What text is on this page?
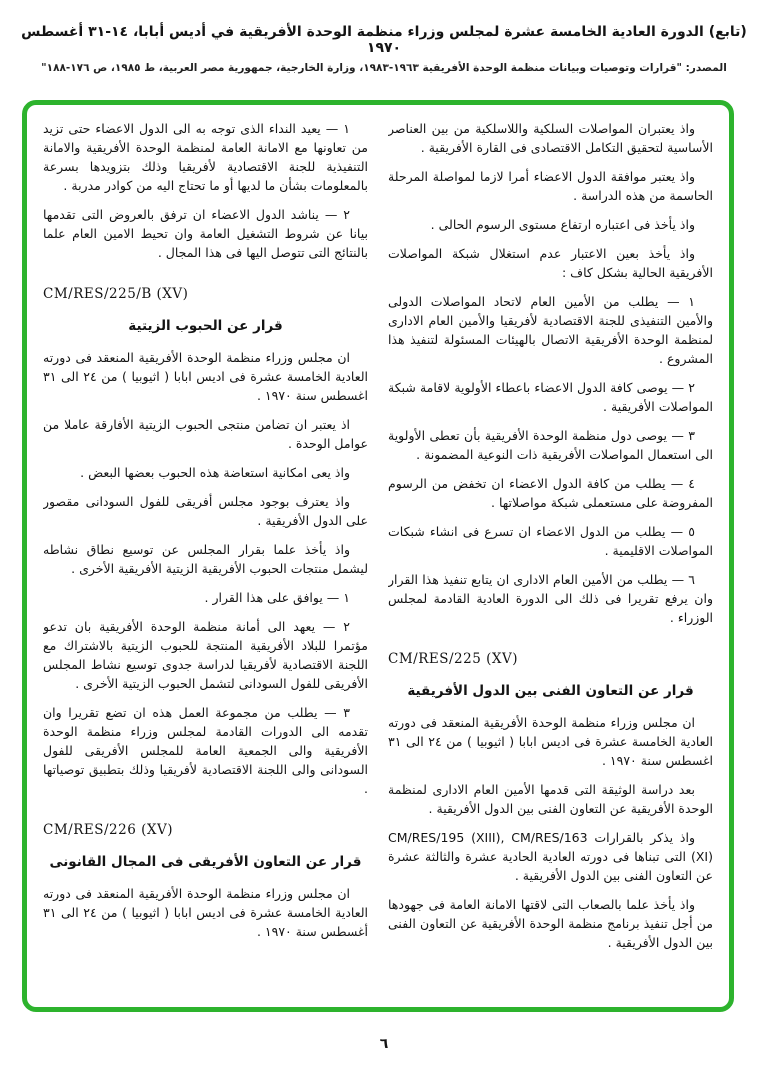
(تابع) الدورة العادية الخامسة عشرة لمجلس وزراء منظمة الوحدة الأفريقية في أديس أبابا، ١٤-٣١ أغسطس ١٩٧٠
المصدر: "قرارات وتوصيات وبيانات منظمة الوحدة الأفريقية ١٩٦٣-١٩٨٣، وزارة الخارجية، جمهورية مصر العربية، ط ١٩٨٥، ص ١٧٦-١٨٨"

١ — يعيد النداء الذى توجه به الى الدول الاعضاء حتى تزيد من تعاونها مع الامانة العامة لمنظمة الوحدة الأفريقية والامانة التنفيذية للجنة الاقتصادية لأفريقيا وذلك بتزويدها بسرعة بالمعلومات بشأن ما لديها أو ما تحتاج اليه من كوادر مدربة .

٢ — يناشد الدول الاعضاء ان ترفق بالعروض التى تقدمها بيانا عن شروط التشغيل العامة وان تحيط الامين العام علما بالنتائج التى تتوصل اليها فى هذا المجال .

CM/RES/225/B (XV)
قرار عن الحبوب الزيتية

ان مجلس وزراء منظمة الوحدة الأفريقية المنعقد فى دورته العادية الخامسة عشرة فى اديس ابابا ( اثيوبيا ) من ٢٤ الى ٣١ اغسطس سنة ١٩٧٠ .

اذ يعتبر ان تضامن منتجى الحبوب الزيتية الأفارقة عاملا من عوامل الوحدة .

واذ يعى امكانية استعاضة هذه الحبوب بعضها البعض .

واذ يعترف بوجود مجلس أفريقى للفول السودانى مقصور على الدول الأفريقية .

واذ يأخذ علما بقرار المجلس عن توسيع نطاق نشاطه ليشمل منتجات الحبوب الأفريقية الزيتية الأفريقية الأخرى .

١ — يوافق على هذا القرار .

٢ — يعهد الى أمانة منظمة الوحدة الأفريقية بان تدعو مؤتمرا للبلاد الأفريقية المنتجة للحبوب الزيتية بالاشتراك مع اللجنة الاقتصادية لأفريقيا لدراسة جدوى توسيع نشاط المجلس الأفريقى للفول السودانى لتشمل الحبوب الزيتية الأخرى .

٣ — يطلب من مجموعة العمل هذه ان تضع تقريرا وان تقدمه الى الدورات القادمة لمجلس وزراء منظمة الوحدة الأفريقية والى الجمعية العامة للمجلس الأفريقى للفول السودانى والى اللجنة الاقتصادية لأفريقيا وذلك بتطبيق توصياتها .

CM/RES/226 (XV)
قرار عن التعاون الأفريقى فى المجال القانونى

ان مجلس وزراء منظمة الوحدة الأفريقية المنعقد فى دورته العادية الخامسة عشرة فى اديس ابابا ( اثيوبيا ) من ٢٤ الى ٣١ أغسطس سنة ١٩٧٠ .

واذ يعتبران المواصلات السلكية واللاسلكية من بين العناصر الأساسية لتحقيق التكامل الاقتصادى فى القارة الأفريقية .

واذ يعتبر موافقة الدول الاعضاء أمرا لازما لمواصلة المرحلة الحاسمة من هذه الدراسة .

واذ يأخذ فى اعتباره ارتفاع مستوى الرسوم الحالى .

واذ يأخذ بعين الاعتبار عدم استغلال شبكة المواصلات الأفريقية الحالية بشكل كاف :

١ — يطلب من الأمين العام لاتحاد المواصلات الدولى والأمين التنفيذى للجنة الاقتصادية لأفريقيا والأمين العام الادارى لمنظمة الوحدة الأفريقية الاتصال بالهيئات المسئولة لتنفيذ هذا المشروع .

٢ — يوصى كافة الدول الاعضاء باعطاء الأولوية لاقامة شبكة المواصلات الأفريقية .

٣ — يوصى دول منظمة الوحدة الأفريقية بأن تعطى الأولوية الى استعمال المواصلات الأفريقية ذات النوعية المضمونة .

٤ — يطلب من كافة الدول الاعضاء ان تخفض من الرسوم المفروضة على مستعملى شبكة مواصلاتها .

٥ — يطلب من الدول الاعضاء ان تسرع فى انشاء شبكات المواصلات الاقليمية .

٦ — يطلب من الأمين العام الادارى ان يتابع تنفيذ هذا القرار وان يرفع تقريرا فى ذلك الى الدورة العادية القادمة لمجلس الوزراء .

CM/RES/225 (XV)
قرار عن التعاون الفنى بين الدول الأفريقية

ان مجلس وزراء منظمة الوحدة الأفريقية المنعقد فى دورته العادية الخامسة عشرة فى اديس ابابا ( اثيوبيا ) من ٢٤ الى ٣١ اغسطس سنة ١٩٧٠ .

بعد دراسة الوثيقة التى قدمها الأمين العام الادارى لمنظمة الوحدة الأفريقية عن التعاون الفنى بين الدول الأفريقية .

واذ يذكر بالقرارات ‏CM/RES/195 (XIII), CM/RES/163 (XI)‏ التى تبناها فى دورته العادية الحادية عشرة والثالثة عشرة عن التعاون الفنى بين الدول الأفريقية .

واذ يأخذ علما بالصعاب التى لاقتها الامانة العامة فى جهودها من أجل تنفيذ برنامج منظمة الوحدة الأفريقية عن التعاون الفنى بين الدول الأفريقية .

٦
